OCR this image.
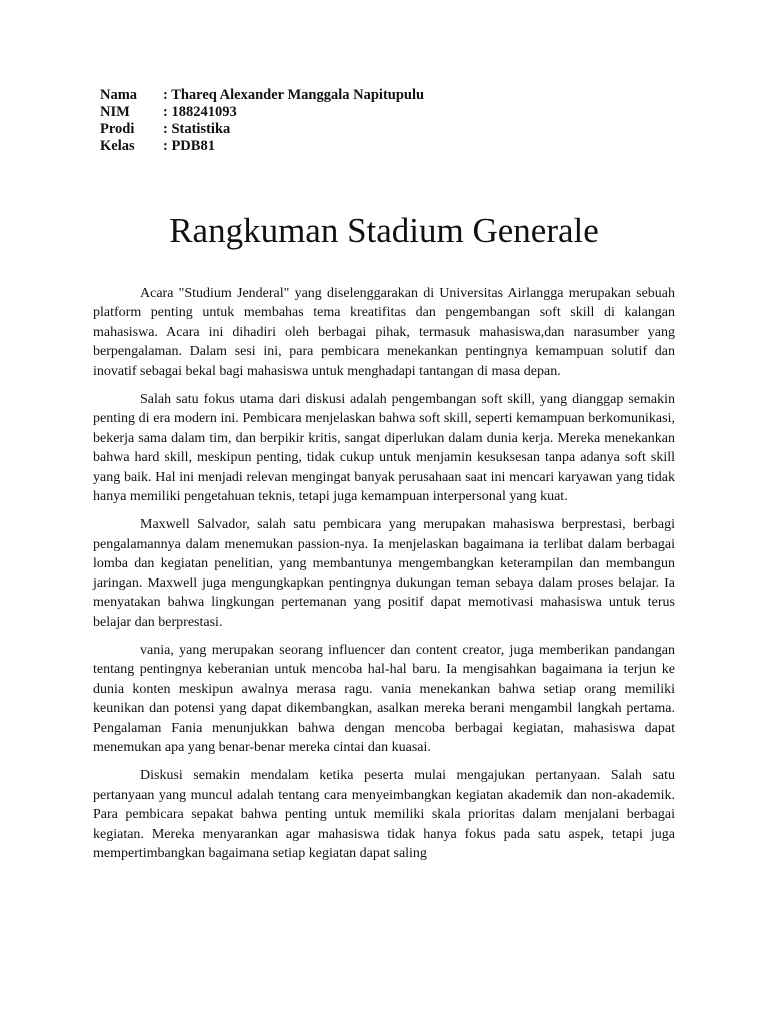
Nama	: Thareq Alexander Manggala Napitupulu
NIM	: 188241093
Prodi	: Statistika
Kelas	: PDB81
Rangkuman Stadium Generale

Acara "Studium Jenderal" yang diselenggarakan di Universitas Airlangga merupakan sebuah platform penting untuk membahas tema kreatifitas dan pengembangan soft skill di kalangan mahasiswa. Acara ini dihadiri oleh berbagai pihak, termasuk mahasiswa,dan narasumber yang berpengalaman. Dalam sesi ini, para pembicara menekankan pentingnya kemampuan solutif dan inovatif sebagai bekal bagi mahasiswa untuk menghadapi tantangan di masa depan.

Salah satu fokus utama dari diskusi adalah pengembangan soft skill, yang dianggap semakin penting di era modern ini. Pembicara menjelaskan bahwa soft skill, seperti kemampuan berkomunikasi, bekerja sama dalam tim, dan berpikir kritis, sangat diperlukan dalam dunia kerja. Mereka menekankan bahwa hard skill, meskipun penting, tidak cukup untuk menjamin kesuksesan tanpa adanya soft skill yang baik. Hal ini menjadi relevan mengingat banyak perusahaan saat ini mencari karyawan yang tidak hanya memiliki pengetahuan teknis, tetapi juga kemampuan interpersonal yang kuat.

Maxwell Salvador, salah satu pembicara yang merupakan mahasiswa berprestasi, berbagi pengalamannya dalam menemukan passion-nya. Ia menjelaskan bagaimana ia terlibat dalam berbagai lomba dan kegiatan penelitian, yang membantunya mengembangkan keterampilan dan membangun jaringan. Maxwell juga mengungkapkan pentingnya dukungan teman sebaya dalam proses belajar. Ia menyatakan bahwa lingkungan pertemanan yang positif dapat memotivasi mahasiswa untuk terus belajar dan berprestasi.

vania, yang merupakan seorang influencer dan content creator, juga memberikan pandangan tentang pentingnya keberanian untuk mencoba hal-hal baru. Ia mengisahkan bagaimana ia terjun ke dunia konten meskipun awalnya merasa ragu. vania menekankan bahwa setiap orang memiliki keunikan dan potensi yang dapat dikembangkan, asalkan mereka berani mengambil langkah pertama. Pengalaman Fania menunjukkan bahwa dengan mencoba berbagai kegiatan, mahasiswa dapat menemukan apa yang benar-benar mereka cintai dan kuasai.

Diskusi semakin mendalam ketika peserta mulai mengajukan pertanyaan. Salah satu pertanyaan yang muncul adalah tentang cara menyeimbangkan kegiatan akademik dan non-akademik. Para pembicara sepakat bahwa penting untuk memiliki skala prioritas dalam menjalani berbagai kegiatan. Mereka menyarankan agar mahasiswa tidak hanya fokus pada satu aspek, tetapi juga mempertimbangkan bagaimana setiap kegiatan dapat saling
